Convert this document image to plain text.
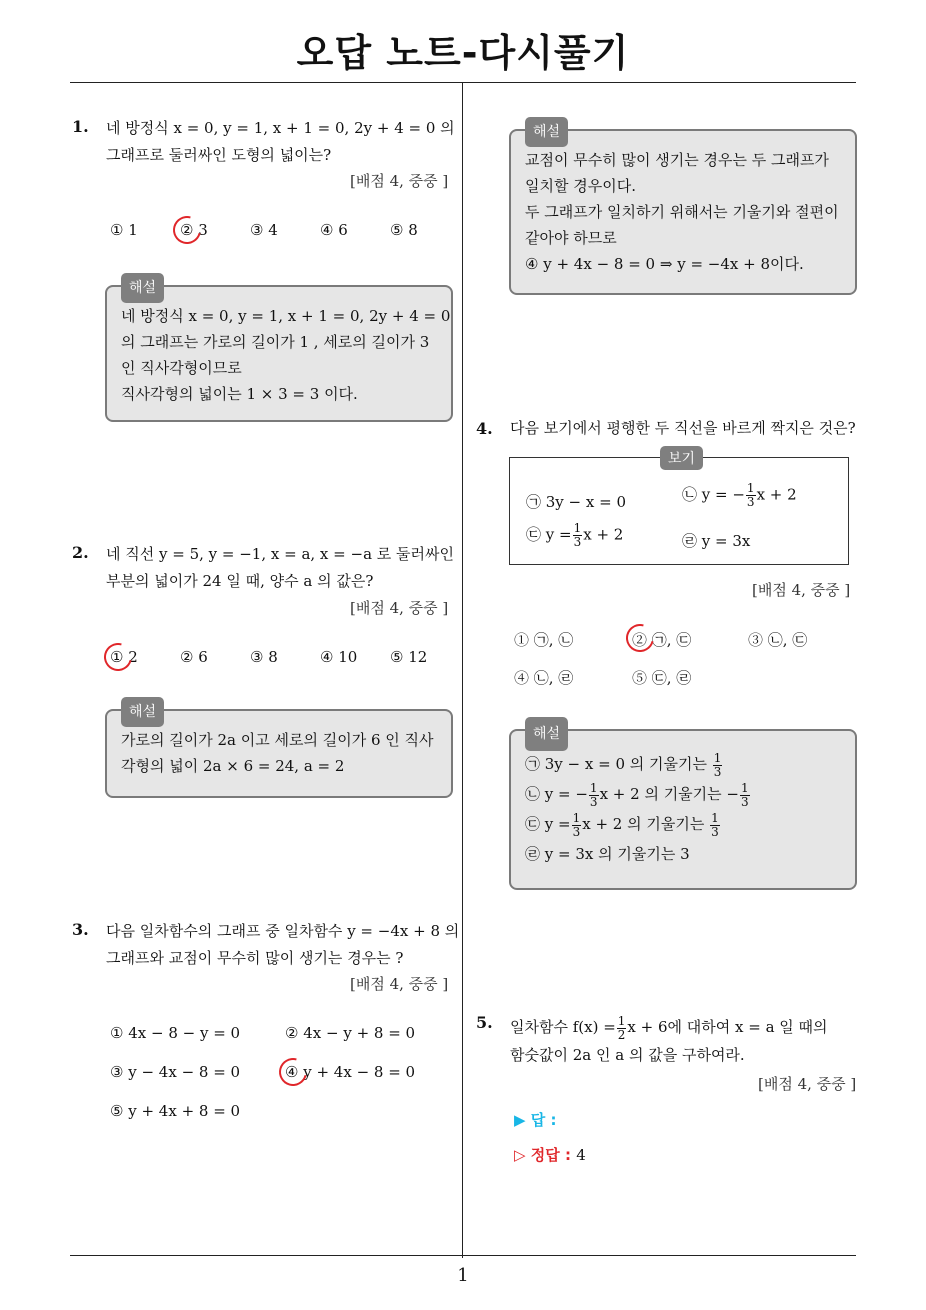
오답 노트-다시풀기
1
1. 네 방정식 x = 0, y = 1, x + 1 = 0, 2y + 4 = 0 의
그래프로 둘러싸인 도형의 넓이는?
[배점 4, 중중 ]
① 1	② 3	③ 4	④ 6	⑤ 8
해설
네 방정식 x = 0, y = 1, x + 1 = 0, 2y + 4 = 0
의 그래프는 가로의 길이가 1 , 세로의 길이가 3
인 직사각형이므로
직사각형의 넓이는 1 × 3 = 3 이다.
2. 네 직선 y = 5, y = −1, x = a, x = −a 로 둘러싸인
부분의 넓이가 24 일 때, 양수 a 의 값은?
[배점 4, 중중 ]
① 2	② 6	③ 8	④ 10 ⑤ 12
해설
가로의 길이가 2a 이고 세로의 길이가 6 인 직사
각형의 넓이 2a × 6 = 24, a = 2
3. 다음 일차함수의 그래프 중 일차함수 y = −4x + 8 의
그래프와 교점이 무수히 많이 생기는 경우는 ?
[배점 4, 중중 ]
① 4x − 8 − y = 0	② 4x − y + 8 = 0
③ y − 4x − 8 = 0	④ y + 4x − 8 = 0
⑤ y + 4x + 8 = 0
해설
교점이 무수히 많이 생기는 경우는 두 그래프가
일치할 경우이다.
두 그래프가 일치하기 위해서는 기울기와 절편이
같아야 하므로
④ y + 4x − 8 = 0 ⇒ y = −4x + 8이다.
4. 다음 보기에서 평행한 두 직선을 바르게 짝지은 것은?
보기
㉠ 3y − x = 0	㉡ y = − $\frac{1}{3}$ x + 2
㉢ $y = \frac{1}{3}$ x + 2	㉣ y = 3x
[배점 4, 중중 ]
① ㉠, ㉡	② ㉠, ㉢	③ ㉡, ㉢
④ ㉡, ㉣	⑤ ㉢, ㉣
해설
㉠ 3y − x = 0 의 기울기는 $\frac{1}{3}$
㉡ y = − $\frac{1}{3}$ x + 2 의 기울기는 − $\frac{1}{3}$
㉢ $y = \frac{1}{3}$ x + 2 의 기울기는 $\frac{1}{3}$
㉣ y = 3x 의 기울기는 3
5. 일차함수 $f(x) = \frac{1}{2}$ x + 6에 대하여 x = a 일 때의
함숫값이 2a 인 a 의 값을 구하여라.
[배점 4, 중중 ]
▶ 답 :
▷ 정답 : 4
